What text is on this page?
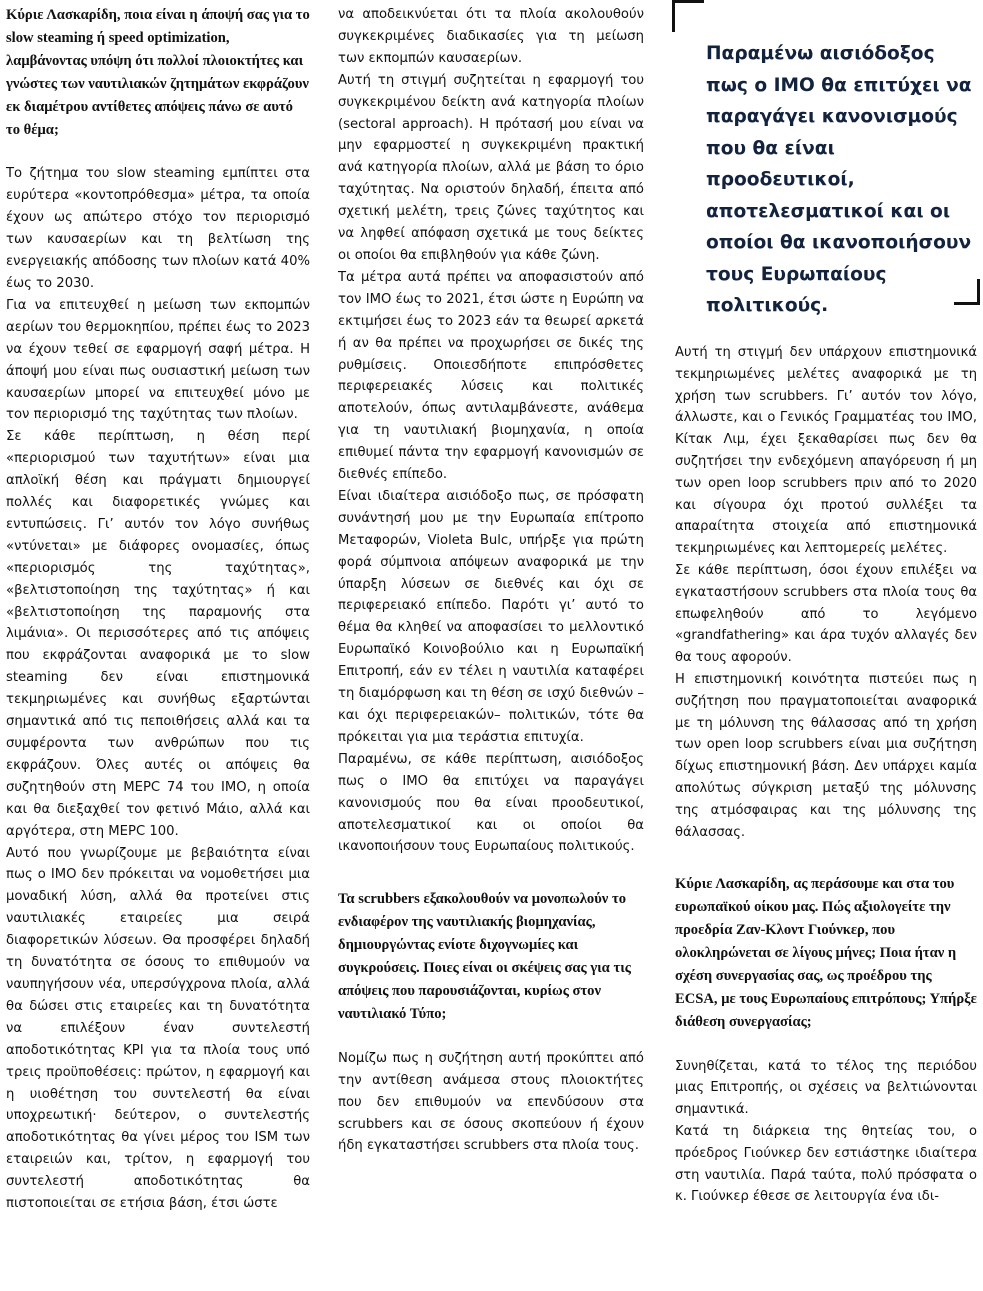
Κύριε Λασκαρίδη, ποια είναι η άποψή σας για το slow steaming ή speed optimization, λαμβάνοντας υπόψη ότι πολλοί πλοιοκτήτες και γνώστες των ναυτιλιακών ζητημάτων εκφράζουν εκ διαμέτρου αντίθετες απόψεις πάνω σε αυτό το θέμα;
Το ζήτημα του slow steaming εμπίπτει στα ευρύτερα «κοντοπρόθεσμα» μέτρα, τα οποία έχουν ως απώτερο στόχο τον περιορισμό των καυσαερίων και τη βελτίωση της ενεργειακής απόδοσης των πλοίων κατά 40% έως το 2030.
Για να επιτευχθεί η μείωση των εκπομπών αερίων του θερμοκηπίου, πρέπει έως το 2023 να έχουν τεθεί σε εφαρμογή σαφή μέτρα. Η άποψή μου είναι πως ουσιαστική μείωση των καυσαερίων μπορεί να επιτευχθεί μόνο με τον περιορισμό της ταχύτητας των πλοίων.
Σε κάθε περίπτωση, η θέση περί «περιορισμού των ταχυτήτων» είναι μια απλοϊκή θέση και πράγματι δημιουργεί πολλές και διαφορετικές γνώμες και εντυπώσεις. Γι’ αυτόν τον λόγο συνήθως «ντύνεται» με διάφορες ονομασίες, όπως «περιορισμός της ταχύτητας», «βελτιστοποίηση της ταχύτητας» ή και «βελτιστοποίηση της παραμονής στα λιμάνια». Οι περισσότερες από τις απόψεις που εκφράζονται αναφορικά με το slow steaming δεν είναι επιστημονικά τεκμηριωμένες και συνήθως εξαρτώνται σημαντικά από τις πεποιθήσεις αλλά και τα συμφέροντα των ανθρώπων που τις εκφράζουν. Όλες αυτές οι απόψεις θα συζητηθούν στη MEPC 74 του IMO, η οποία και θα διεξαχθεί τον φετινό Μάιο, αλλά και αργότερα, στη MEPC 100.
Αυτό που γνωρίζουμε με βεβαιότητα είναι πως ο IMO δεν πρόκειται να νομοθετήσει μια μοναδική λύση, αλλά θα προτείνει στις ναυτιλιακές εταιρείες μια σειρά διαφορετικών λύσεων. Θα προσφέρει δηλαδή τη δυνατότητα σε όσους το επιθυμούν να ναυπηγήσουν νέα, υπερσύγχρονα πλοία, αλλά θα δώσει στις εταιρείες και τη δυνατότητα να επιλέξουν έναν συντελεστή αποδοτικότητας KPI για τα πλοία τους υπό τρεις προϋποθέσεις: πρώτον, η εφαρμογή και η υιοθέτηση του συντελεστή θα είναι υποχρεωτική· δεύτερον, ο συντελεστής αποδοτικότητας θα γίνει μέρος του ISM των εταιρειών και, τρίτον, η εφαρμογή του συντελεστή αποδοτικότητας θα πιστοποιείται σε ετήσια βάση, έτσι ώστε
να αποδεικνύεται ότι τα πλοία ακολουθούν συγκεκριμένες διαδικασίες για τη μείωση των εκπομπών καυσαερίων.
Αυτή τη στιγμή συζητείται η εφαρμογή του συγκεκριμένου δείκτη ανά κατηγορία πλοίων (sectoral approach). Η πρότασή μου είναι να μην εφαρμοστεί η συγκεκριμένη πρακτική ανά κατηγορία πλοίων, αλλά με βάση το όριο ταχύτητας. Να οριστούν δηλαδή, έπειτα από σχετική μελέτη, τρεις ζώνες ταχύτητος και να ληφθεί απόφαση σχετικά με τους δείκτες οι οποίοι θα επιβληθούν για κάθε ζώνη.
Τα μέτρα αυτά πρέπει να αποφασιστούν από τον IMO έως το 2021, έτσι ώστε η Ευρώπη να εκτιμήσει έως το 2023 εάν τα θεωρεί αρκετά ή αν θα πρέπει να προχωρήσει σε δικές της ρυθμίσεις. Οποιεσδήποτε επιπρόσθετες περιφερειακές λύσεις και πολιτικές αποτελούν, όπως αντιλαμβάνεστε, ανάθεμα για τη ναυτιλιακή βιομηχανία, η οποία επιθυμεί πάντα την εφαρμογή κανονισμών σε διεθνές επίπεδο.
Είναι ιδιαίτερα αισιόδοξο πως, σε πρόσφατη συνάντησή μου με την Ευρωπαία επίτροπο Μεταφορών, Violeta Bulc, υπήρξε για πρώτη φορά σύμπνοια απόψεων αναφορικά με την ύπαρξη λύσεων σε διεθνές και όχι σε περιφερειακό επίπεδο. Παρότι γι’ αυτό το θέμα θα κληθεί να αποφασίσει το μελλοντικό Ευρωπαϊκό Κοινοβούλιο και η Ευρωπαϊκή Επιτροπή, εάν εν τέλει η ναυτιλία καταφέρει τη διαμόρφωση και τη θέση σε ισχύ διεθνών –και όχι περιφερειακών– πολιτικών, τότε θα πρόκειται για μια τεράστια επιτυχία.
Παραμένω, σε κάθε περίπτωση, αισιόδοξος πως ο IMO θα επιτύχει να παραγάγει κανονισμούς που θα είναι προοδευτικοί, αποτελεσματικοί και οι οποίοι θα ικανοποιήσουν τους Ευρωπαίους πολιτικούς.
Τα scrubbers εξακολουθούν να μονοπωλούν το ενδιαφέρον της ναυτιλιακής βιομηχανίας, δημιουργώντας ενίοτε διχογνωμίες και συγκρούσεις. Ποιες είναι οι σκέψεις σας για τις απόψεις που παρουσιάζονται, κυρίως στον ναυτιλιακό Τύπο;
Νομίζω πως η συζήτηση αυτή προκύπτει από την αντίθεση ανάμεσα στους πλοιοκτήτες που δεν επιθυμούν να επενδύσουν στα scrubbers και σε όσους σκοπεύουν ή έχουν ήδη εγκαταστήσει scrubbers στα πλοία τους.
Παραμένω αισιόδοξος πως ο IMO θα επιτύχει να παραγάγει κανονισμούς που θα είναι προοδευτικοί, αποτελεσματικοί και οι οποίοι θα ικανοποιήσουν τους Ευρωπαίους πολιτικούς.
Αυτή τη στιγμή δεν υπάρχουν επιστημονικά τεκμηριωμένες μελέτες αναφορικά με τη χρήση των scrubbers. Γι’ αυτόν τον λόγο, άλλωστε, και ο Γενικός Γραμματέας του IMO, Κίτακ Λιμ, έχει ξεκαθαρίσει πως δεν θα συζητήσει την ενδεχόμενη απαγόρευση ή μη των open loop scrubbers πριν από το 2020 και σίγουρα όχι προτού συλλέξει τα απαραίτητα στοιχεία από επιστημονικά τεκμηριωμένες και λεπτομερείς μελέτες.
Σε κάθε περίπτωση, όσοι έχουν επιλέξει να εγκαταστήσουν scrubbers στα πλοία τους θα επωφεληθούν από το λεγόμενο «grandfathering» και άρα τυχόν αλλαγές δεν θα τους αφορούν.
Η επιστημονική κοινότητα πιστεύει πως η συζήτηση που πραγματοποιείται αναφορικά με τη μόλυνση της θάλασσας από τη χρήση των open loop scrubbers είναι μια συζήτηση δίχως επιστημονική βάση. Δεν υπάρχει καμία απολύτως σύγκριση μεταξύ της μόλυνσης της ατμόσφαιρας και της μόλυνσης της θάλασσας.
Κύριε Λασκαρίδη, ας περάσουμε και στα του ευρωπαϊκού οίκου μας. Πώς αξιολογείτε την προεδρία Ζαν-Κλοντ Γιούνκερ, που ολοκληρώνεται σε λίγους μήνες; Ποια ήταν η σχέση συνεργασίας σας, ως προέδρου της ECSA, με τους Ευρωπαίους επιτρόπους; Υπήρξε διάθεση συνεργασίας;
Συνηθίζεται, κατά το τέλος της περιόδου μιας Επιτροπής, οι σχέσεις να βελτιώνονται σημαντικά.
Κατά τη διάρκεια της θητείας του, ο πρόεδρος Γιούνκερ δεν εστιάστηκε ιδιαίτερα στη ναυτιλία. Παρά ταύτα, πολύ πρόσφατα ο κ. Γιούνκερ έθεσε σε λειτουργία ένα ιδι-
